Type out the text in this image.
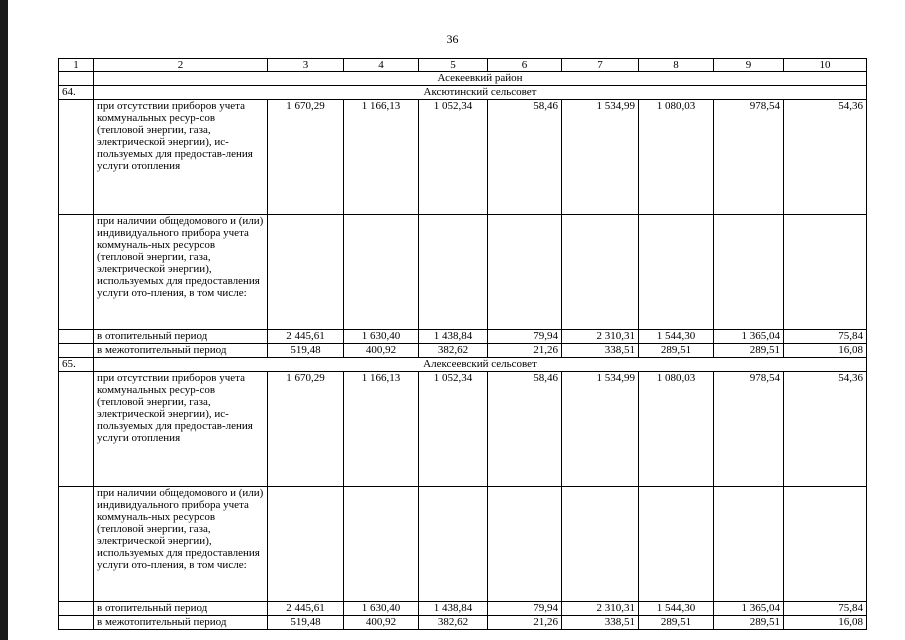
36
1	2	3	4	5	6	7	8	9	10
	Асекеевкий район								
64.	Аксютинский сельсовет								
	при отсутствии приборов учета коммунальных ресур-сов (тепловой энергии, газа, электрической энергии), ис-пользуемых для предостав-ления услуги отопления	1 670,29	1 166,13	1 052,34	58,46	1 534,99	1 080,03	978,54	54,36
	при наличии общедомового и (или) индивидуального прибора учета коммуналь-ных ресурсов (тепловой энергии, газа, электрической энергии), используемых для предоставления услуги ото-пления, в том числе:								
	в отопительный период	2 445,61	1 630,40	1 438,84	79,94	2 310,31	1 544,30	1 365,04	75,84
	в межотопительный период	519,48	400,92	382,62	21,26	338,51	289,51	289,51	16,08
65.	Алексеевский сельсовет								
	при отсутствии приборов учета коммунальных ресур-сов (тепловой энергии, газа, электрической энергии), ис-пользуемых для предостав-ления услуги отопления	1 670,29	1 166,13	1 052,34	58,46	1 534,99	1 080,03	978,54	54,36
	при наличии общедомового и (или) индивидуального прибора учета коммуналь-ных ресурсов (тепловой энергии, газа, электрической энергии), используемых для предоставления услуги ото-пления, в том числе:								
	в отопительный период	2 445,61	1 630,40	1 438,84	79,94	2 310,31	1 544,30	1 365,04	75,84
	в межотопительный период	519,48	400,92	382,62	21,26	338,51	289,51	289,51	16,08
